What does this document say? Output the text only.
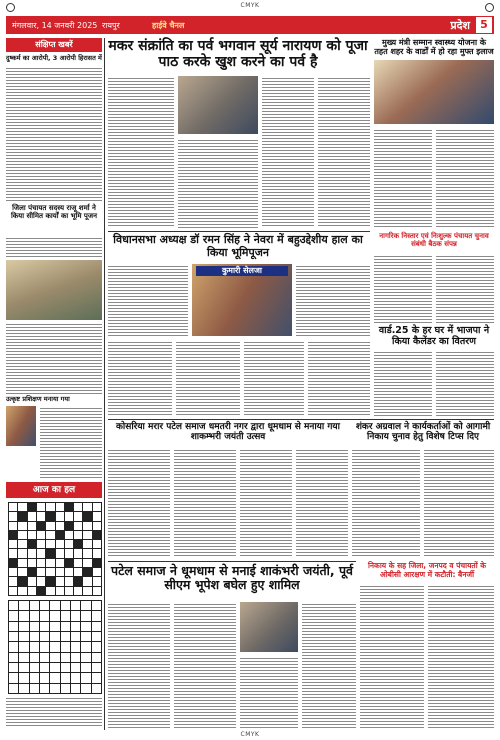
CMYK
मंगलवार, 14 जनवरी 2025 रायपुर	हाईवे चैनल	प्रदेश 5
संक्षिप्त खबरें
दुष्कर्म का आरोपी, 3 आरोपी हिरासत में
जिला पंचायत सदस्य राजू शर्मा ने किया सीमित कार्यों का भूमि पूजन
उत्कृष्ट प्रशिक्षण मनाया गया
आज का हल
मकर संक्रांति का पर्व भगवान सूर्य नारायण को पूजा पाठ करके खुश करने का पर्व है
मुख्य मंत्री सम्मान स्वास्थ्य योजना के तहत शहर के वार्डों में हो रहा मुफ्त इलाज
विधानसभा अध्यक्ष डॉ रमन सिंह ने नेवरा में बहुउद्देशीय हाल का किया भूमिपूजन
कुमारी सेलजा
नागरिक निस्तार एवं निःशुल्क पंचायत चुनाव संबंधी बैठक संपन्न
वार्ड.25 के हर घर में भाजपा ने किया कैलेंडर का वितरण
कोसरिया मरार पटेल समाज धमतरी नगर द्वारा धूमधाम से मनाया गया शाकम्भरी जयंती उत्सव
शंकर अग्रवाल ने कार्यकर्ताओं को आगामी निकाय चुनाव हेतु विशेष टिप्स दिए
पटेल समाज ने धूमधाम से मनाई शाकंभरी जयंती, पूर्व सीएम भूपेश बघेल हुए शामिल
निकाय के सह जिला, जनपद व पंचायतों के ओबीसी आरक्षण में कटौती: बैनर्जी
CMYK
